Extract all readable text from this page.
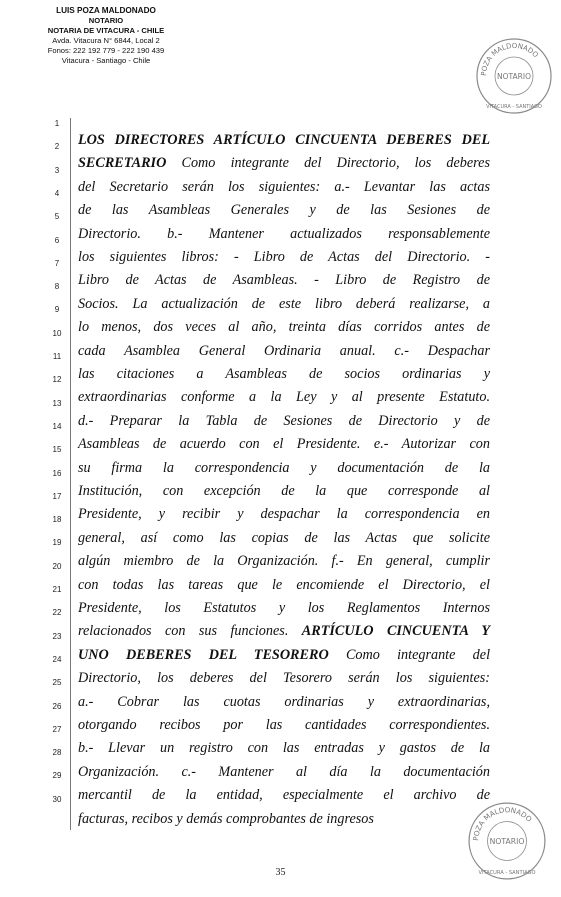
LUIS POZA MALDONADO
NOTARIO
NOTARIA DE VITACURA - CHILE
Avda. Vitacura N° 6844, Local 2
Fonos: 222 192 779 - 222 190 439
Vitacura - Santiago - Chile
POZA MALDONADO
NOTARIO
VITACURA - SANTIAGO
1
2
3
4
5
6
7
8
9
10
11
12
13
14
15
16
17
18
19
20
21
22
23
24
25
26
27
28
29
30
LOS DIRECTORES ARTÍCULO CINCUENTA DEBERES DEL
SECRETARIO Como integrante del Directorio, los deberes
del Secretario serán los siguientes: a.- Levantar las actas
de las Asambleas Generales y de las Sesiones de
Directorio. b.- Mantener actualizados responsablemente
los siguientes libros: - Libro de Actas del Directorio. -
Libro de Actas de Asambleas. - Libro de Registro de
Socios. La actualización de este libro deberá realizarse, a
lo menos, dos veces al año, treinta días corridos antes de
cada Asamblea General Ordinaria anual. c.- Despachar
las citaciones a Asambleas de socios ordinarias y
extraordinarias conforme a la Ley y al presente Estatuto.
d.- Preparar la Tabla de Sesiones de Directorio y de
Asambleas de acuerdo con el Presidente. e.- Autorizar con
su firma la correspondencia y documentación de la
Institución, con excepción de la que corresponde al
Presidente, y recibir y despachar la correspondencia en
general, así como las copias de las Actas que solicite
algún miembro de la Organización. f.- En general, cumplir
con todas las tareas que le encomiende el Directorio, el
Presidente, los Estatutos y los Reglamentos Internos
relacionados con sus funciones. ARTÍCULO CINCUENTA Y
UNO DEBERES DEL TESORERO Como integrante del
Directorio, los deberes del Tesorero serán los siguientes:
a.- Cobrar las cuotas ordinarias y extraordinarias,
otorgando recibos por las cantidades correspondientes.
b.- Llevar un registro con las entradas y gastos de la
Organización. c.- Mantener al día la documentación
mercantil de la entidad, especialmente el archivo de
facturas, recibos y demás comprobantes de ingresos
POZA MALDONADO
NOTARIO
VITACURA - SANTIAGO
35
